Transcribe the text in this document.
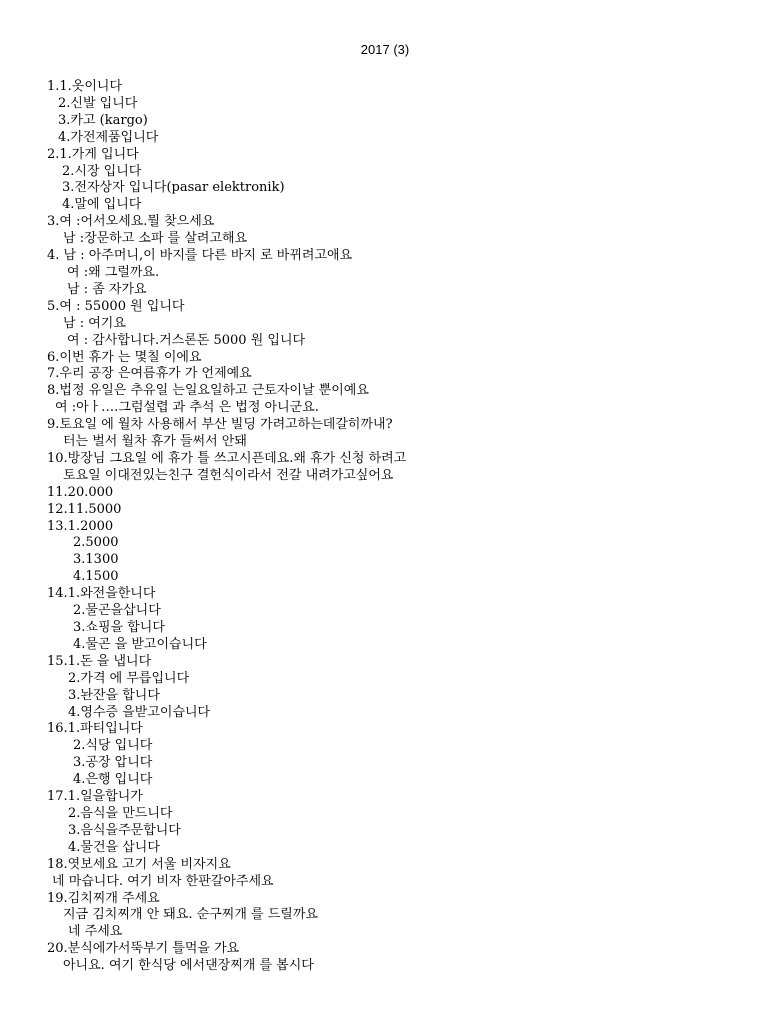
2017 (3)
1.1.옷이니다
2.신발 입니다
3.카고 (kargo)
4.가전제품입니다
2.1.가게 입니다
2.시장 입니다
3.전자상자 입니다(pasar elektronik)
4.말에 입니다
3.여 :어서오세요.뭘 찾으세요
남 :장문하고 소파 를 살려고해요
4. 남 : 아주머니,이 바지를 다른 바지 로 바뀌려고애요
여 :왜 그럴까요.
남 : 좀 자가요
5.여 : 55000 원 입니다
남 : 여기요
여 : 감사합니다.거스론돈 5000 원 입니다
6.이번 휴가 는 몇칠 이에요
7.우리 공장 은여름휴가 가 언제예요
8.법정 유일은 추유일 는일요일하고 근토자이날 뿐이예요
여 :아ㅏ….그럼설렵 과 추석 은 법정 아니군요.
9.토요일 에 월차 사용해서 부산 빌딩 가려고하는데갈히까내?
터는 벌서 월차 휴가 들써서 안돼
10.방장님 그요일 에 휴가 틀 쓰고시픈데요.왜 휴가 신청 하려고
토요일 이대전있는친구 결헌식이라서 전갈 내려가고싶어요
11.20.000
12.11.5000
13.1.2000
2.5000
3.1300
4.1500
14.1.와전을한니다
2.물곤을삽니다
3.쇼핑을 합니다
4.물곤 을 받고이습니다
15.1.돈 을 냅니다
2.가격 에 무릅입니다
3.놘잔을 합니다
4.영수증 을받고이습니다
16.1.파티입니다
2.식당 입니다
3.공장 압니다
4.은행 입니다
17.1.일을합니가
2.음식을 만드니다
3.음식을주문합니다
4.물건을 삽니다
18.엿보세요 고기 서울 비자지요
네 마습니다. 여기 비자 한판갈아주세요
19.김치찌개 주세요
지금 김치찌개 안 돼요. 순구찌개 를 드릴까요
네 주세요
20.분식에가서뚝부기 틀먹을 가요
아니요. 여기 한식당 에서댄장찌개 를 봅시다
